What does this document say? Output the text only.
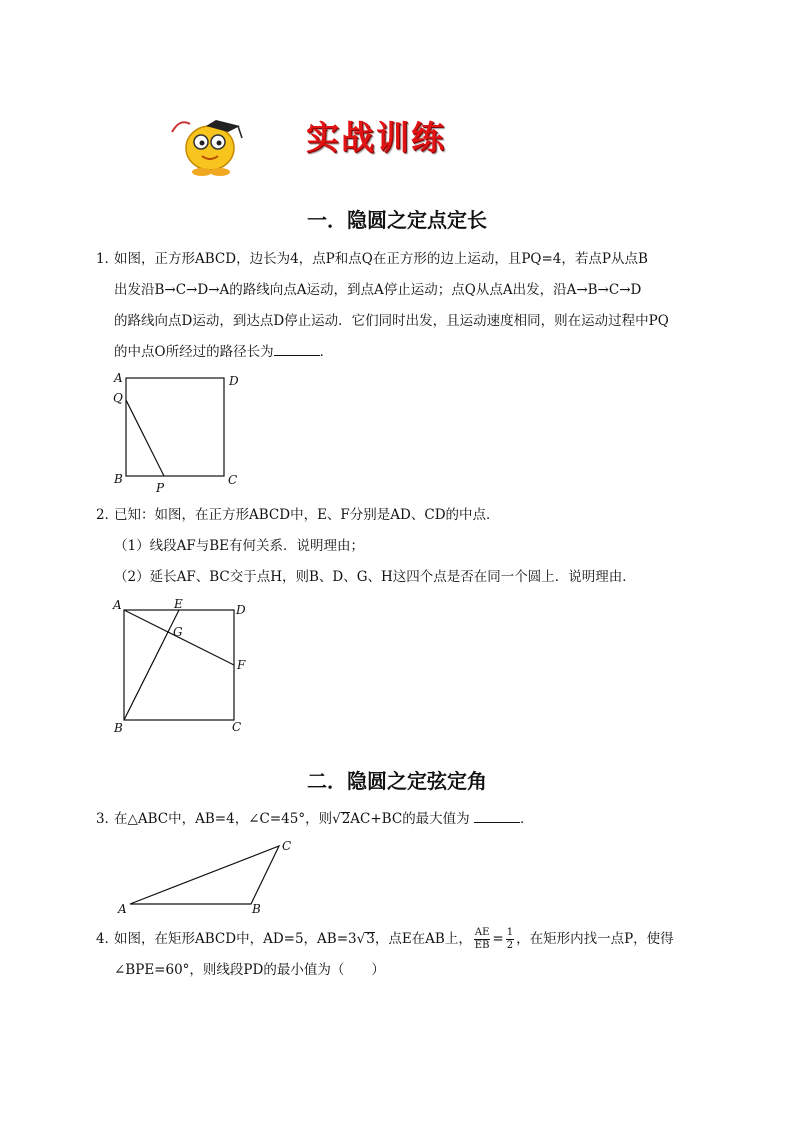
实战训练
一．隐圆之定点定长
1．如图，正方形ABCD，边长为4，点P和点Q在正方形的边上运动，且PQ=4，若点P从点B
出发沿B→C→D→A的路线向点A运动，到点A停止运动；点Q从点A出发，沿A→B→C→D
的路线向点D运动，到达点D停止运动．它们同时出发，且运动速度相同，则在运动过程中PQ
的中点O所经过的路径长为	．
A	D
Q
B
P
C
2．已知：如图，在正方形ABCD中，E、F分别是AD、CD的中点．
（1）线段AF与BE有何关系．说明理由；
（2）延长AF、BC交于点H，则B、D、G、H这四个点是否在同一个圆上．说明理由．
A	E	D
G
F
B	C
二．隐圆之定弦定角
3．在△ABC中，AB=4，∠C=45°，则√2AC+BC的最大值为	．
A	B
C
4．如图，在矩形ABCD中，AD=5，AB=3√3，点E在AB上， $\frac{AE}{EB} = \frac{1}{2}$ ，在矩形内找一点P，使得
∠BPE=60°，则线段PD的最小值为（　　）
